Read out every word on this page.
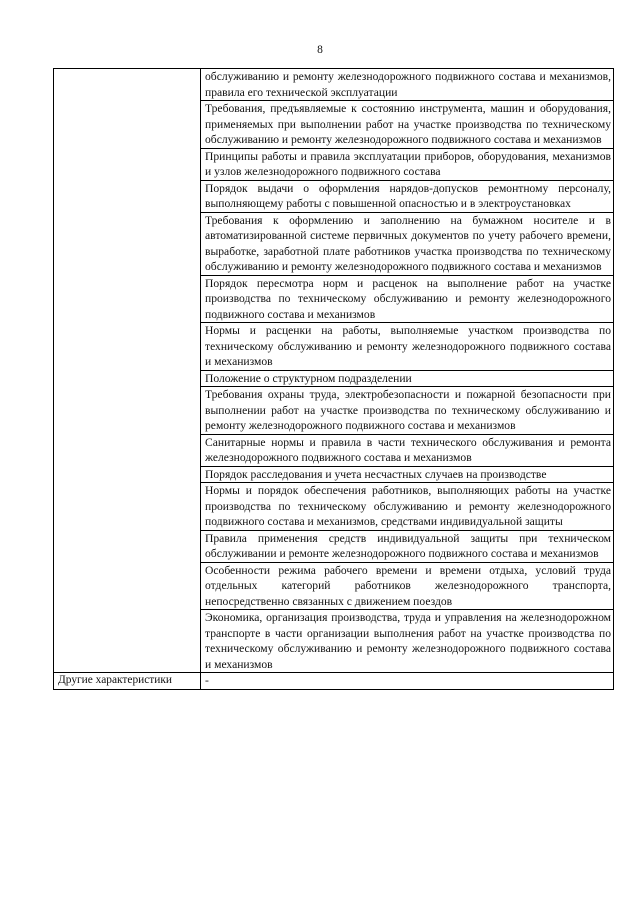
8
	обслуживанию и ремонту железнодорожного подвижного состава и механизмов, правила его технической эксплуатации
	Требования, предъявляемые к состоянию инструмента, машин и оборудования, применяемых при выполнении работ на участке производства по техническому обслуживанию и ремонту железнодорожного подвижного состава и механизмов
	Принципы работы и правила эксплуатации приборов, оборудования, механизмов и узлов железнодорожного подвижного состава
	Порядок выдачи о оформления нарядов-допусков ремонтному персоналу, выполняющему работы с повышенной опасностью и в электроустановках
	Требования к оформлению и заполнению на бумажном носителе и в автоматизированной системе первичных документов по учету рабочего времени, выработке, заработной плате работников участка производства по техническому обслуживанию и ремонту железнодорожного подвижного состава и механизмов
	Порядок пересмотра норм и расценок на выполнение работ на участке производства по техническому обслуживанию и ремонту железнодорожного подвижного состава и механизмов
	Нормы и расценки на работы, выполняемые участком производства по техническому обслуживанию и ремонту железнодорожного подвижного состава и механизмов
	Положение о структурном подразделении
	Требования охраны труда, электробезопасности и пожарной безопасности при выполнении работ на участке производства по техническому обслуживанию и ремонту железнодорожного подвижного состава и механизмов
	Санитарные нормы и правила в части технического обслуживания и ремонта железнодорожного подвижного состава и механизмов
	Порядок расследования и учета несчастных случаев на производстве
	Нормы и порядок обеспечения работников, выполняющих работы на участке производства по техническому обслуживанию и ремонту железнодорожного подвижного состава и механизмов, средствами индивидуальной защиты
	Правила применения средств индивидуальной защиты при техническом обслуживании и ремонте железнодорожного подвижного состава и механизмов
	Особенности режима рабочего времени и времени отдыха, условий труда отдельных категорий работников железнодорожного транспорта, непосредственно связанных с движением поездов
	Экономика, организация производства, труда и управления на железнодорожном транспорте в части организации выполнения работ на участке производства по техническому обслуживанию и ремонту железнодорожного подвижного состава и механизмов
Другие характеристики	-
